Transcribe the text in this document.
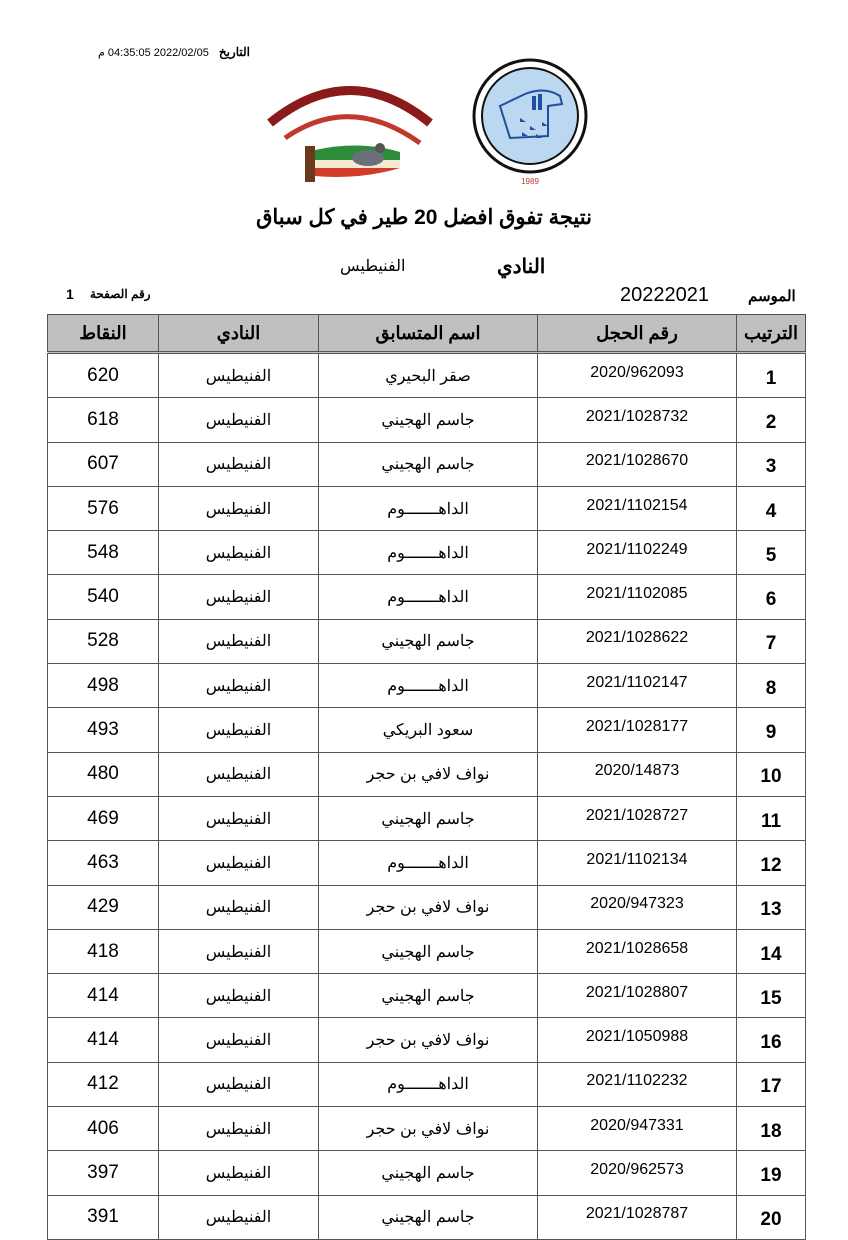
التاريخ
2022/02/05 04:35:05 م
1989
نتيجة تفوق افضل 20 طير في كل سباق
النادي
الفنيطيس
الموسم
20222021
رقم الصفحة
1
الترتيب	رقم الحجل	اسم المتسابق	النادي	النقاط
1	2020/962093	صقر البحيري	الفنيطيس	620
2	2021/1028732	جاسم الهجيني	الفنيطيس	618
3	2021/1028670	جاسم الهجيني	الفنيطيس	607
4	2021/1102154	الداهـــــــوم	الفنيطيس	576
5	2021/1102249	الداهـــــــوم	الفنيطيس	548
6	2021/1102085	الداهـــــــوم	الفنيطيس	540
7	2021/1028622	جاسم الهجيني	الفنيطيس	528
8	2021/1102147	الداهـــــــوم	الفنيطيس	498
9	2021/1028177	سعود البريكي	الفنيطيس	493
10	2020/14873	نواف لافي بن حجر	الفنيطيس	480
11	2021/1028727	جاسم الهجيني	الفنيطيس	469
12	2021/1102134	الداهـــــــوم	الفنيطيس	463
13	2020/947323	نواف لافي بن حجر	الفنيطيس	429
14	2021/1028658	جاسم الهجيني	الفنيطيس	418
15	2021/1028807	جاسم الهجيني	الفنيطيس	414
16	2021/1050988	نواف لافي بن حجر	الفنيطيس	414
17	2021/1102232	الداهـــــــوم	الفنيطيس	412
18	2020/947331	نواف لافي بن حجر	الفنيطيس	406
19	2020/962573	جاسم الهجيني	الفنيطيس	397
20	2021/1028787	جاسم الهجيني	الفنيطيس	391
